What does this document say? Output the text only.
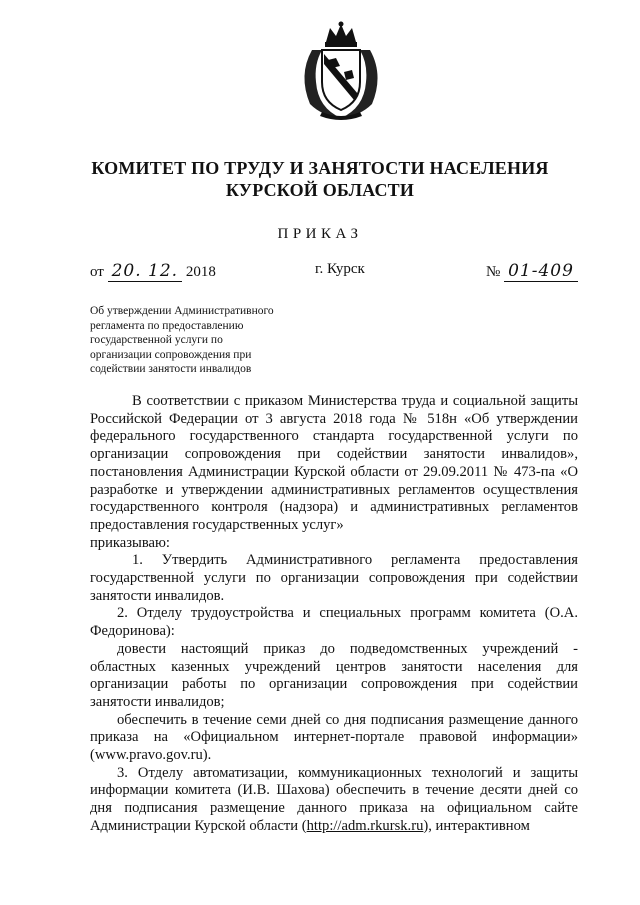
КОМИТЕТ ПО ТРУДУ И ЗАНЯТОСТИ НАСЕЛЕНИЯ
КУРСКОЙ ОБЛАСТИ
ПРИКАЗ
от 20. 12. 2018	г. Курск	№ 01-409
Об утверждении Административного
регламента по предоставлению
государственной услуги по
организации сопровождения при
содействии занятости инвалидов

В соответствии с приказом Министерства труда и социальной защиты Российской Федерации от 3 августа 2018 года № 518н «Об утверждении федерального государственного стандарта государственной услуги по организации сопровождения при содействии занятости инвалидов», постановления Администрации Курской области от 29.09.2011 № 473-па «О разработке и утверждении административных регламентов осуществления государственного контроля (надзора) и административных регламентов предоставления государственных услуг»

приказываю:

1. Утвердить Административного регламента предоставления государственной услуги по организации сопровождения при содействии занятости инвалидов.

2. Отделу трудоустройства и специальных программ комитета (О.А. Федоринова):

довести настоящий приказ до подведомственных учреждений - областных казенных учреждений центров занятости населения для организации работы по организации сопровождения при содействии занятости инвалидов;

обеспечить в течение семи дней со дня подписания размещение данного приказа на «Официальном интернет-портале правовой информации» (www.pravo.gov.ru).

3. Отделу автоматизации, коммуникационных технологий и защиты информации комитета (И.В. Шахова) обеспечить в течение десяти дней со дня подписания размещение данного приказа на официальном сайте Администрации Курской области (http://adm.rkursk.ru), интерактивном
